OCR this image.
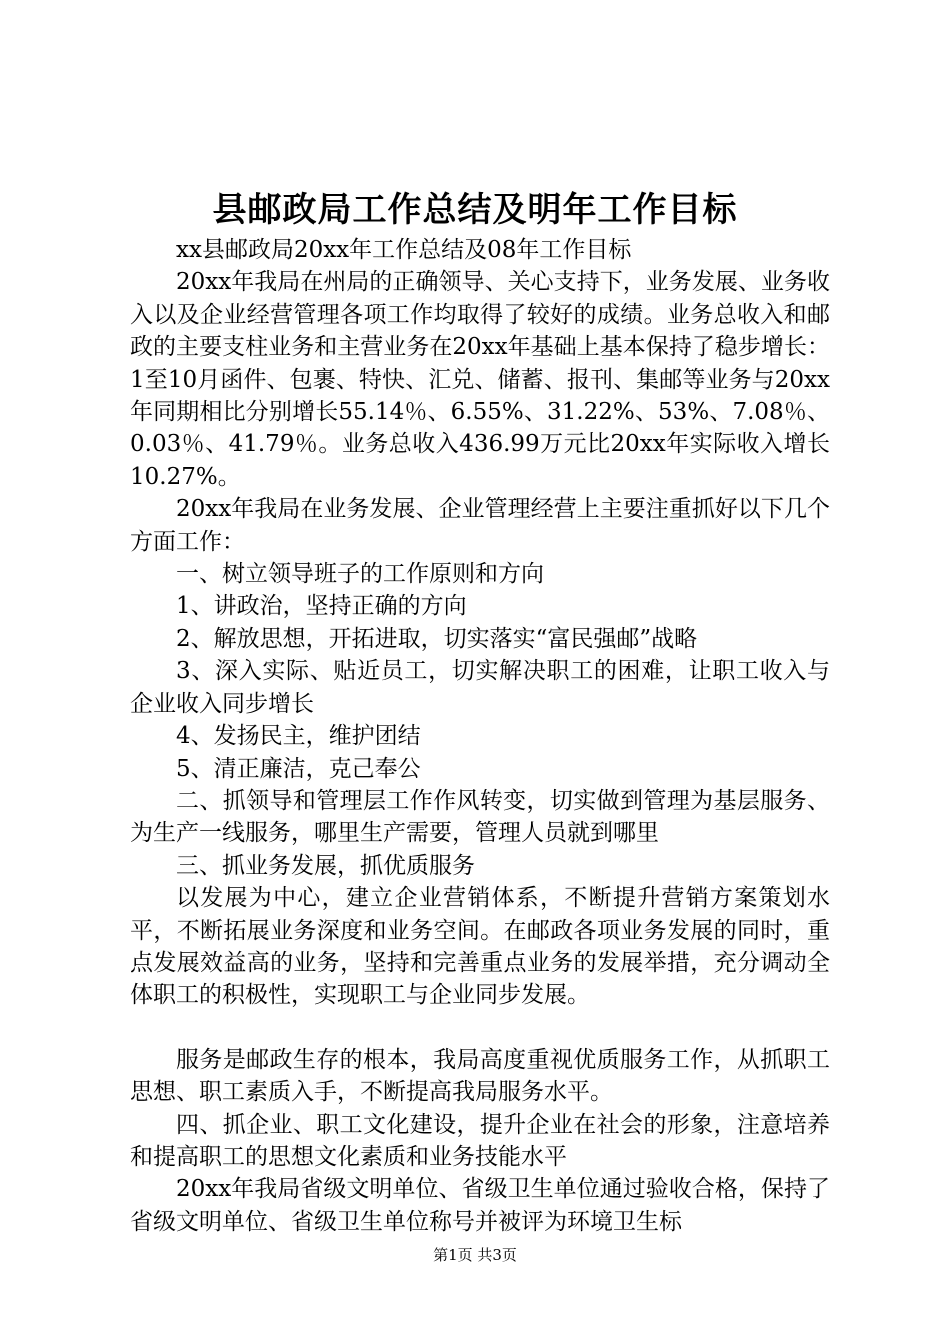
县邮政局工作总结及明年工作目标

xx县邮政局20xx年工作总结及08年工作目标

20xx年我局在州局的正确领导、关心支持下，业务发展、业务收入以及企业经营管理各项工作均取得了较好的成绩。业务总收入和邮政的主要支柱业务和主营业务在20xx年基础上基本保持了稳步增长：1至10月函件、包裹、特快、汇兑、储蓄、报刊、集邮等业务与20xx年同期相比分别增长55.14％、6.55%、31.22%、53%、7.08％、0.03％、41.79％。业务总收入436.99万元比20xx年实际收入增长10.27%。

20xx年我局在业务发展、企业管理经营上主要注重抓好以下几个方面工作：

一、树立领导班子的工作原则和方向

1、讲政治，坚持正确的方向

2、解放思想，开拓进取，切实落实“富民强邮”战略

3、深入实际、贴近员工，切实解决职工的困难，让职工收入与企业收入同步增长

4、发扬民主，维护团结

5、清正廉洁，克己奉公

二、抓领导和管理层工作作风转变，切实做到管理为基层服务、为生产一线服务，哪里生产需要，管理人员就到哪里

三、抓业务发展，抓优质服务

以发展为中心，建立企业营销体系，不断提升营销方案策划水平，不断拓展业务深度和业务空间。在邮政各项业务发展的同时，重点发展效益高的业务，坚持和完善重点业务的发展举措，充分调动全体职工的积极性，实现职工与企业同步发展。

服务是邮政生存的根本，我局高度重视优质服务工作，从抓职工思想、职工素质入手，不断提高我局服务水平。

四、抓企业、职工文化建设，提升企业在社会的形象，注意培养和提高职工的思想文化素质和业务技能水平

20xx年我局省级文明单位、省级卫生单位通过验收合格，保持了省级文明单位、省级卫生单位称号并被评为环境卫生标

第1页 共3页
